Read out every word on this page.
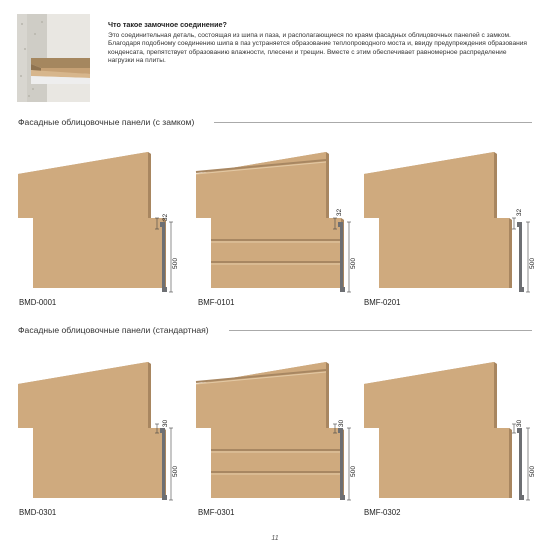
Что такое замочное соединение?
Это соединительная деталь, состоящая из шипа и паза, и располагающиеся по краям фасадных облицовочных панелей с замком. Благодаря подобному соединению шипа в паз устраняется образование теплопроводного моста и, ввиду предупреждения образования конденсата, препятствует образованию влажности, плесени и трещин. Вместе с этим обеспечивает равномерное распределение нагрузки на плиты.
Фасадные облицовочные панели (с замком)
Фасадные облицовочные панели (стандартная)
BMD-0001	BMF-0101	BMF-0201
BMD-0301	BMF-0301	BMF-0302
32
32	32
500	500	500
30	30	30
500	500	500
11
